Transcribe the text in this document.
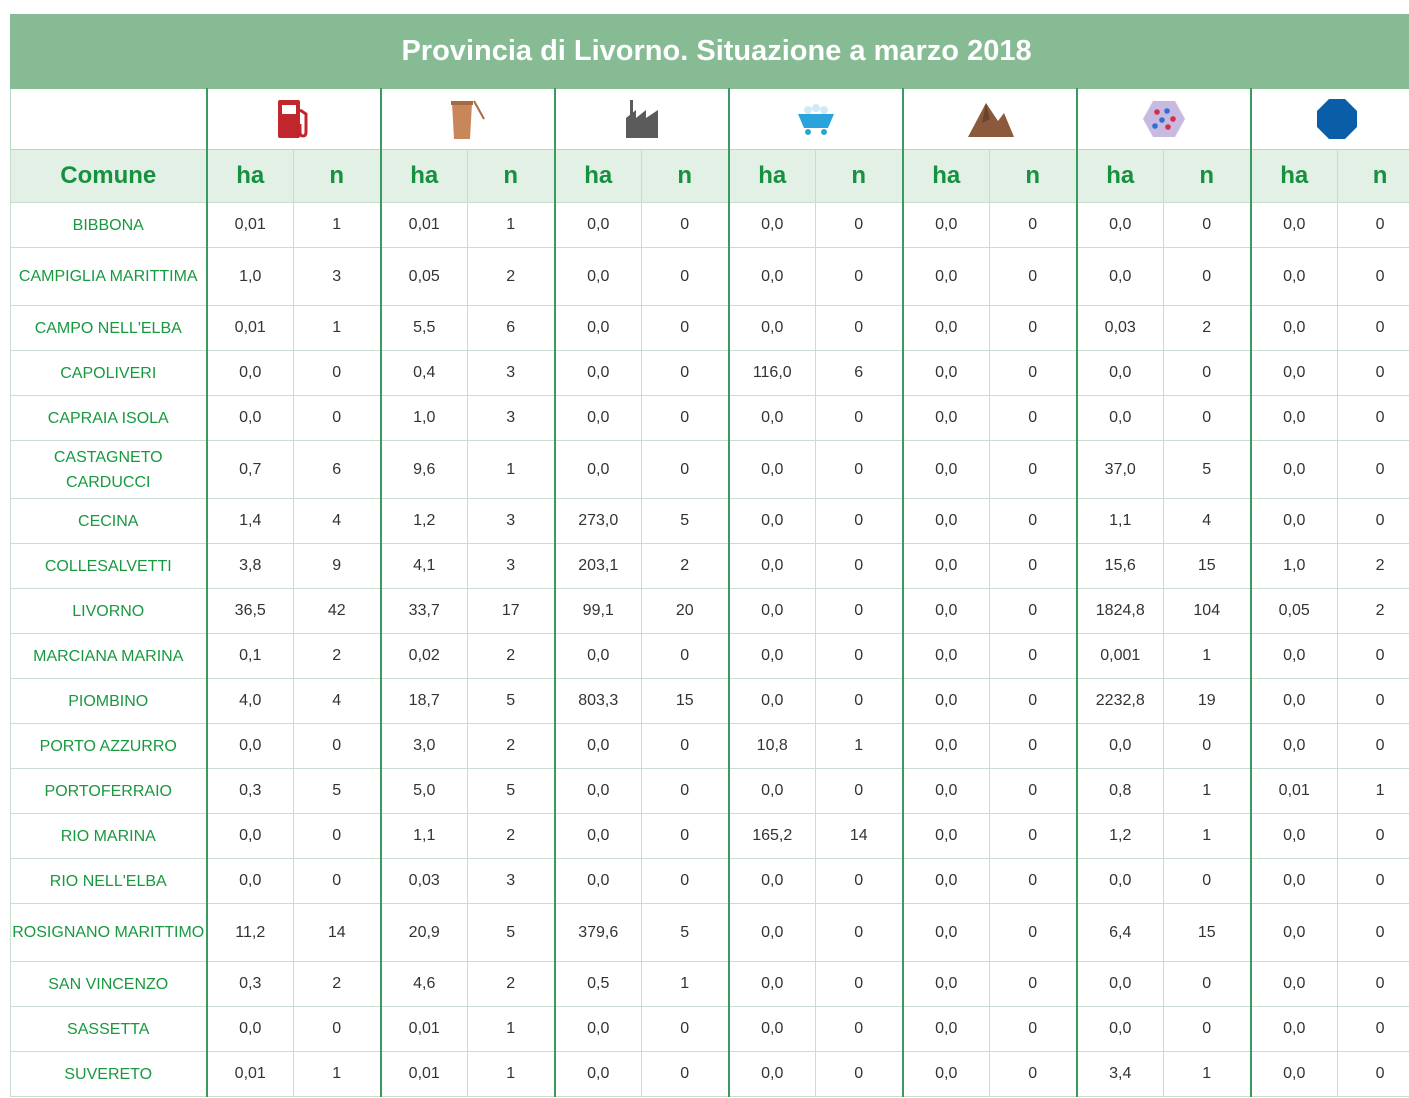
Provincia di Livorno. Situazione a marzo 2018														

Comune	ha	n	ha	n	ha	n	ha	n	ha	n	ha	n	ha	n
BIBBONA	0,01	1	0,01	1	0,0	0	0,0	0	0,0	0	0,0	0	0,0	0
CAMPIGLIA MARITTIMA	1,0	3	0,05	2	0,0	0	0,0	0	0,0	0	0,0	0	0,0	0
CAMPO NELL'ELBA	0,01	1	5,5	6	0,0	0	0,0	0	0,0	0	0,03	2	0,0	0
CAPOLIVERI	0,0	0	0,4	3	0,0	0	116,0	6	0,0	0	0,0	0	0,0	0
CAPRAIA ISOLA	0,0	0	1,0	3	0,0	0	0,0	0	0,0	0	0,0	0	0,0	0
CASTAGNETO CARDUCCI	0,7	6	9,6	1	0,0	0	0,0	0	0,0	0	37,0	5	0,0	0
CECINA	1,4	4	1,2	3	273,0	5	0,0	0	0,0	0	1,1	4	0,0	0
COLLESALVETTI	3,8	9	4,1	3	203,1	2	0,0	0	0,0	0	15,6	15	1,0	2
LIVORNO	36,5	42	33,7	17	99,1	20	0,0	0	0,0	0	1824,8	104	0,05	2
MARCIANA MARINA	0,1	2	0,02	2	0,0	0	0,0	0	0,0	0	0,001	1	0,0	0
PIOMBINO	4,0	4	18,7	5	803,3	15	0,0	0	0,0	0	2232,8	19	0,0	0
PORTO AZZURRO	0,0	0	3,0	2	0,0	0	10,8	1	0,0	0	0,0	0	0,0	0
PORTOFERRAIO	0,3	5	5,0	5	0,0	0	0,0	0	0,0	0	0,8	1	0,01	1
RIO MARINA	0,0	0	1,1	2	0,0	0	165,2	14	0,0	0	1,2	1	0,0	0
RIO NELL'ELBA	0,0	0	0,03	3	0,0	0	0,0	0	0,0	0	0,0	0	0,0	0
ROSIGNANO MARITTIMO	11,2	14	20,9	5	379,6	5	0,0	0	0,0	0	6,4	15	0,0	0
SAN VINCENZO	0,3	2	4,6	2	0,5	1	0,0	0	0,0	0	0,0	0	0,0	0
SASSETTA	0,0	0	0,01	1	0,0	0	0,0	0	0,0	0	0,0	0	0,0	0
SUVERETO	0,01	1	0,01	1	0,0	0	0,0	0	0,0	0	3,4	1	0,0	0
